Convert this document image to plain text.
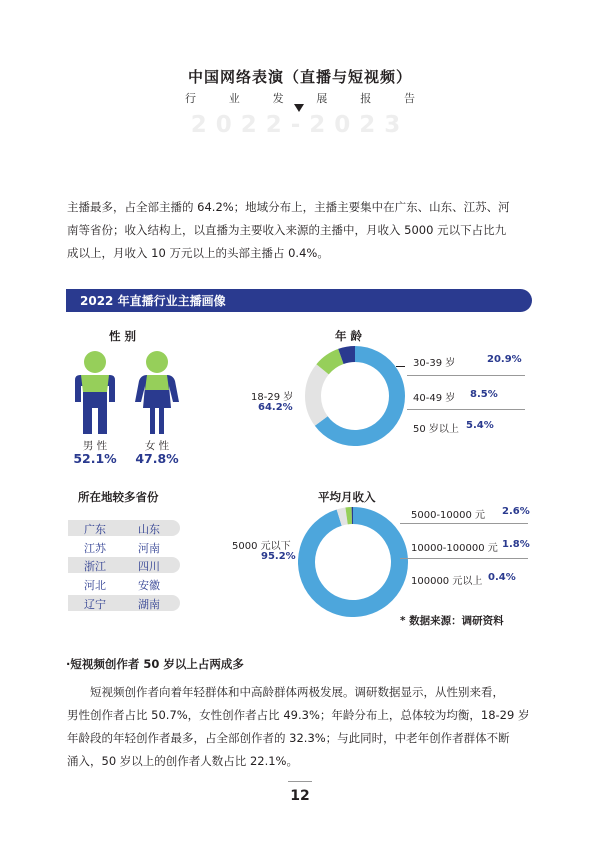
中国网络表演（直播与短视频）
行	业	发	展	报	告
2022-2023
主播最多，占全部主播的 64.2%；地域分布上，主播主要集中在广东、山东、江苏、河
南等省份；收入结构上，以直播为主要收入来源的主播中，月收入 5000 元以下占比九
成以上，月收入 10 万元以上的头部主播占 0.4%。
2022 年直播行业主播画像
性 别
男 性
52.1%
女 性
47.8%
年 龄
18-29 岁
64.2%
30-39 岁	20.9%
40-49 岁 8.5%
50 岁以上 5.4%
所在地较多省份
广东	山东
江苏	河南
浙江	四川
河北	安徽
辽宁	湖南
平均月收入
5000 元以下
95.2%
5000-10000 元 2.6%
10000-100000 元 1.8%
100000 元以上 0.4%
* 数据来源：调研资料
·短视频创作者 50 岁以上占两成多
　　短视频创作者向着年轻群体和中高龄群体两极发展。调研数据显示，从性别来看，
男性创作者占比 50.7%，女性创作者占比 49.3%；年龄分布上，总体较为均衡，18-29 岁
年龄段的年轻创作者最多，占全部创作者的 32.3%；与此同时，中老年创作者群体不断
涌入，50 岁以上的创作者人数占比 22.1%。
12
